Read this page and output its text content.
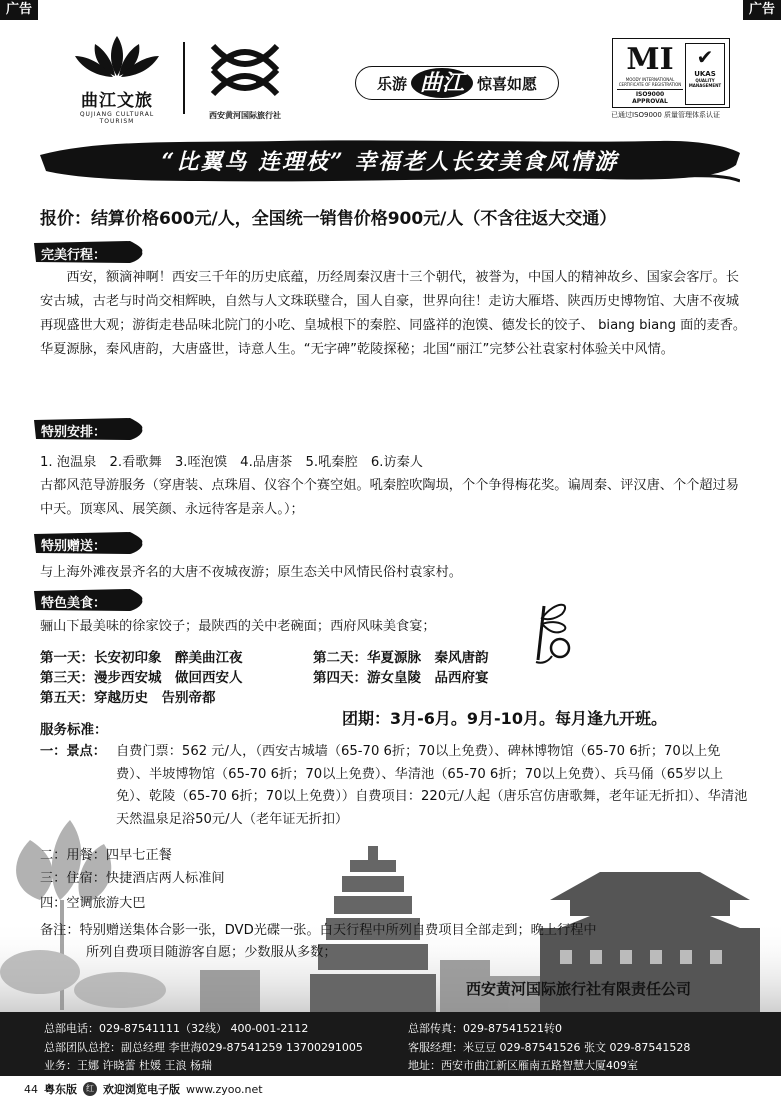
广告	广告
曲江文旅
QUJIANG CULTURAL TOURISM
西安黄河国际旅行社
乐游 曲江 惊喜如愿
MI
MOODY INTERNATIONAL
CERTIFICATE OF REGISTRATION
ISO9000 APPROVAL
✔
UKAS
QUALITY
MANAGEMENT
已通过ISO9000 质量管理体系认证
“比翼鸟 连理枝” 幸福老人长安美食风情游
报价：结算价格600元/人，全国统一销售价格900元/人（不含往返大交通）
完美行程：
西安，额滴神啊！西安三千年的历史底蕴，历经周秦汉唐十三个朝代，被誉为，中国人的精神故乡、国家会客厅。长安古城，古老与时尚交相辉映，自然与人文珠联璧合，国人自豪，世界向往！走访大雁塔、陕西历史博物馆、大唐不夜城再现盛世大观；游街走巷品味北院门的小吃、皇城根下的秦腔、同盛祥的泡馍、德发长的饺子、 biang biang 面的麦香。华夏源脉，秦风唐韵，大唐盛世，诗意人生。“无字碑”乾陵探秘；北国“丽江”完梦公社袁家村体验关中风情。
特别安排：
1. 泡温泉　2.看歌舞　3.咥泡馍　4.品唐茶　5.吼秦腔　6.访秦人
古都风范导游服务（穿唐装、点珠眉、仪容个个赛空姐。吼秦腔吹陶埙，个个争得梅花奖。谝周秦、评汉唐、个个超过易中天。顶寒风、展笑颜、永远待客是亲人。）；
特别赠送：
与上海外滩夜景齐名的大唐不夜城夜游；原生态关中风情民俗村袁家村。
特色美食：
骊山下最美味的徐家饺子；最陕西的关中老碗面；西府风味美食宴；
第一天：长安初印象　醉美曲江夜	第二天：华夏源脉　秦风唐韵
第三天：漫步西安城　做回西安人	第四天：游女皇陵　品西府宴
第五天：穿越历史　告别帝都
团期：3月-6月。9月-10月。每月逢九开班。
服务标准：
一：景点： 自费门票：562 元/人，（西安古城墙（65-70 6折；70以上免费）、碑林博物馆（65-70 6折；70以上免费）、半坡博物馆（65-70 6折；70以上免费）、华清池（65-70 6折；70以上免费）、兵马俑（65岁以上免）、乾陵（65-70 6折；70以上免费））自费项目：220元/人起（唐乐宫仿唐歌舞，老年证无折扣）、华清池天然温泉足浴50元/人（老年证无折扣）
二：用餐：四早七正餐
三：住宿：快捷酒店两人标准间
四：空调旅游大巴
备注：特别赠送集体合影一张，DVD光碟一张。白天行程中所列自费项目全部走到；晚上行程中
所列自费项目随游客自愿；少数服从多数；
西安黄河国际旅行社有限责任公司
总部电话：029-87541111（32线） 400-001-2112	总部传真：029-87541521转0
总部团队总控：副总经理 李世海029-87541259 13700291005	客服经理：米豆豆 029-87541526 张文 029-87541528
业务：王娜 许晓蕾 杜媛 王浪 杨瑞	地址：西安市曲江新区雁南五路智慧大厦409室
44 粤东版	红 欢迎浏览电子版 www.zyoo.net
